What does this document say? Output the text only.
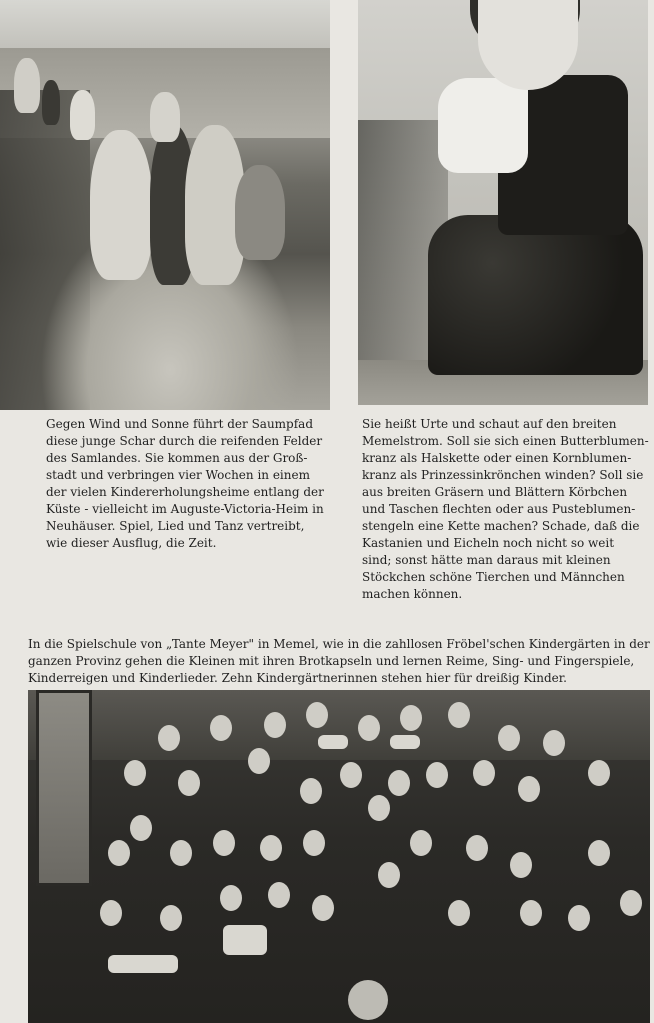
Gegen Wind und Sonne führt der Saumpfad
diese junge Schar durch die reifenden Felder
des Samlandes. Sie kommen aus der Groß-
stadt und verbringen vier Wochen in einem
der vielen Kindererholungsheime entlang der
Küste - vielleicht im Auguste-Victoria-Heim in
Neuhäuser. Spiel, Lied und Tanz vertreibt,
wie dieser Ausflug, die Zeit.
Sie heißt Urte und schaut auf den breiten
Memelstrom. Soll sie sich einen Butterblumen-
kranz als Halskette oder einen Kornblumen-
kranz als Prinzessinkrönchen winden? Soll sie
aus breiten Gräsern und Blättern Körbchen
und Taschen flechten oder aus Pusteblumen-
stengeln eine Kette machen? Schade, daß die
Kastanien und Eicheln noch nicht so weit
sind; sonst hätte man daraus mit kleinen
Stöckchen schöne Tierchen und Männchen
machen können.
In die Spielschule von „Tante Meyer" in Memel, wie in die zahllosen Fröbel'schen Kindergärten in der
ganzen Provinz gehen die Kleinen mit ihren Brotkapseln und lernen Reime, Sing- und Fingerspiele,
Kinderreigen und Kinderlieder. Zehn Kindergärtnerinnen stehen hier für dreißig Kinder.
